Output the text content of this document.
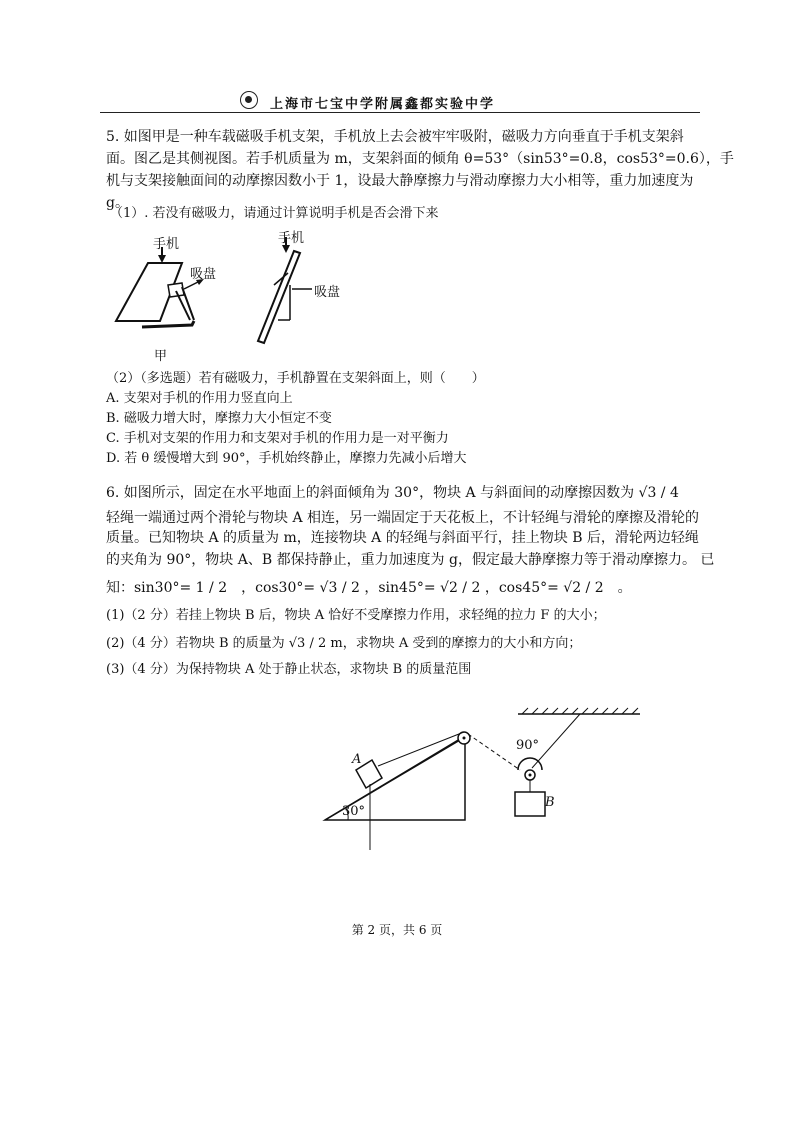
上海市七宝中学附属鑫都实验中学
5. 如图甲是一种车载磁吸手机支架，手机放上去会被牢牢吸附，磁吸力方向垂直于手机支架斜
面。图乙是其侧视图。若手机质量为 m，支架斜面的倾角 θ=53°（sin53°=0.8，cos53°=0.6），手
机与支架接触面间的动摩擦因数小于 1，设最大静摩擦力与滑动摩擦力大小相等，重力加速度为
g。
（1）. 若没有磁吸力，请通过计算说明手机是否会滑下来
手机
吸盘
甲
手机
吸盘
（2）（多选题）若有磁吸力，手机静置在支架斜面上，则（　　）
A. 支架对手机的作用力竖直向上
B. 磁吸力增大时，摩擦力大小恒定不变
C. 手机对支架的作用力和支架对手机的作用力是一对平衡力
D. 若 θ 缓慢增大到 90°，手机始终静止，摩擦力先减小后增大
6. 如图所示，固定在水平地面上的斜面倾角为 30°，物块 A 与斜面间的动摩擦因数为 √3 / 4
轻绳一端通过两个滑轮与物块 A 相连，另一端固定于天花板上，不计轻绳与滑轮的摩擦及滑轮的
质量。已知物块 A 的质量为 m，连接物块 A 的轻绳与斜面平行，挂上物块 B 后，滑轮两边轻绳
的夹角为 90°，物块 A、B 都保持静止，重力加速度为 g，假定最大静摩擦力等于滑动摩擦力。 已
知：sin30°= 1 / 2　，cos30°= √3 / 2 ，sin45°= √2 / 2 ，cos45°= √2 / 2　。
(1)（2 分）若挂上物块 B 后，物块 A 恰好不受摩擦力作用，求轻绳的拉力 F 的大小；
(2)（4 分）若物块 B 的质量为 √3 / 2 m，求物块 A 受到的摩擦力的大小和方向；
(3)（4 分）为保持物块 A 处于静止状态，求物块 B 的质量范围
A
30°
90°
B
第 2 页，共 6 页
